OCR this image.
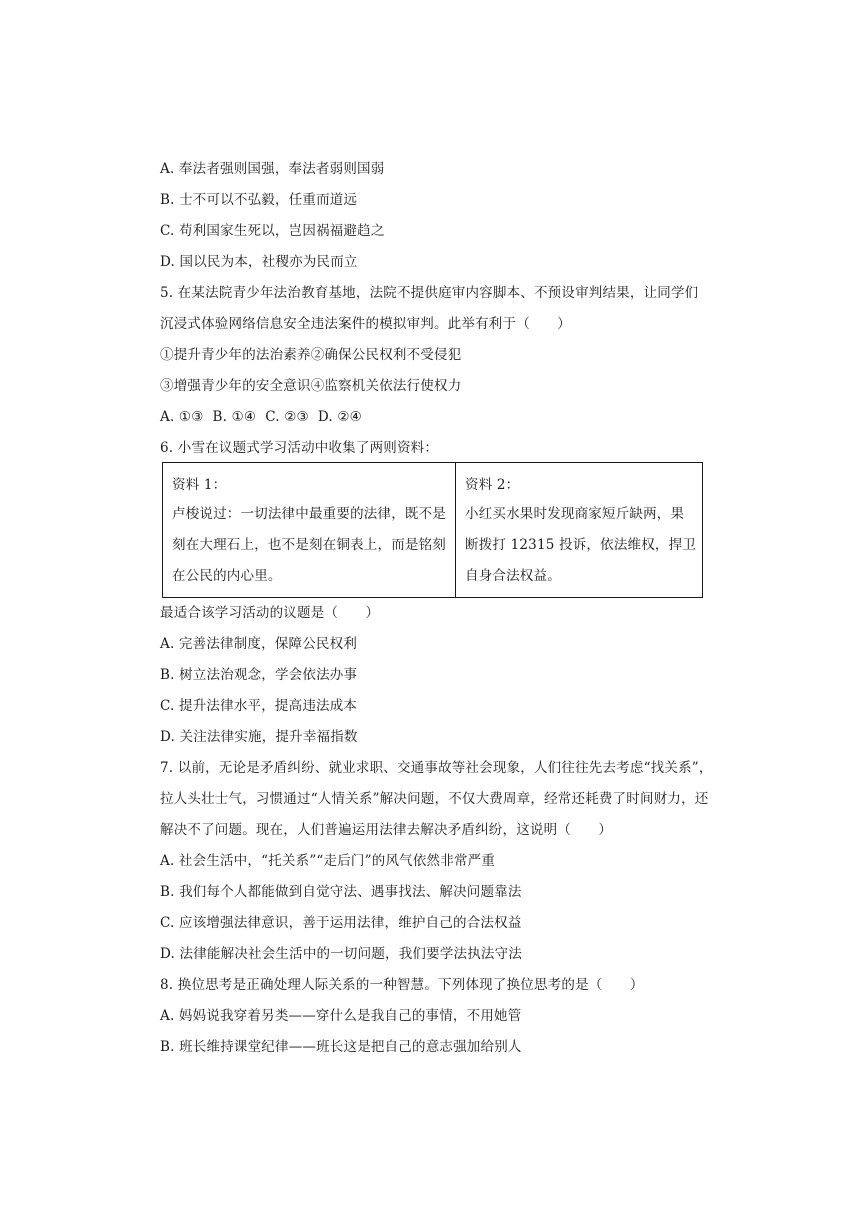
A. 奉法者强则国强，奉法者弱则国弱
B. 士不可以不弘毅，任重而道远
C. 苟利国家生死以，岂因祸福避趋之
D. 国以民为本，社稷亦为民而立
5. 在某法院青少年法治教育基地，法院不提供庭审内容脚本、不预设审判结果，让同学们
沉浸式体验网络信息安全违法案件的模拟审判。此举有利于（　　）
①提升青少年的法治素养②确保公民权利不受侵犯
③增强青少年的安全意识④监察机关依法行使权力
A. ①③  B. ①④  C. ②③  D. ②④
6. 小雪在议题式学习活动中收集了两则资料：
资料 1：
卢梭说过：一切法律中最重要的法律，既不是
刻在大理石上，也不是刻在铜表上，而是铭刻
在公民的内心里。
资料 2：
小红买水果时发现商家短斤缺两，果
断拨打 12315 投诉，依法维权，捍卫
自身合法权益。
最适合该学习活动的议题是（　　）
A. 完善法律制度，保障公民权利
B. 树立法治观念，学会依法办事
C. 提升法律水平，提高违法成本
D. 关注法律实施，提升幸福指数
7. 以前，无论是矛盾纠纷、就业求职、交通事故等社会现象，人们往往先去考虑“找关系”，
拉人头壮士气，习惯通过“人情关系”解决问题，不仅大费周章，经常还耗费了时间财力，还
解决不了问题。现在，人们普遍运用法律去解决矛盾纠纷，这说明（　　）
A. 社会生活中，“托关系”“走后门”的风气依然非常严重
B. 我们每个人都能做到自觉守法、遇事找法、解决问题靠法
C. 应该增强法律意识，善于运用法律，维护自己的合法权益
D. 法律能解决社会生活中的一切问题，我们要学法执法守法
8. 换位思考是正确处理人际关系的一种智慧。下列体现了换位思考的是（　　）
A. 妈妈说我穿着另类——穿什么是我自己的事情，不用她管
B. 班长维持课堂纪律——班长这是把自己的意志强加给别人
